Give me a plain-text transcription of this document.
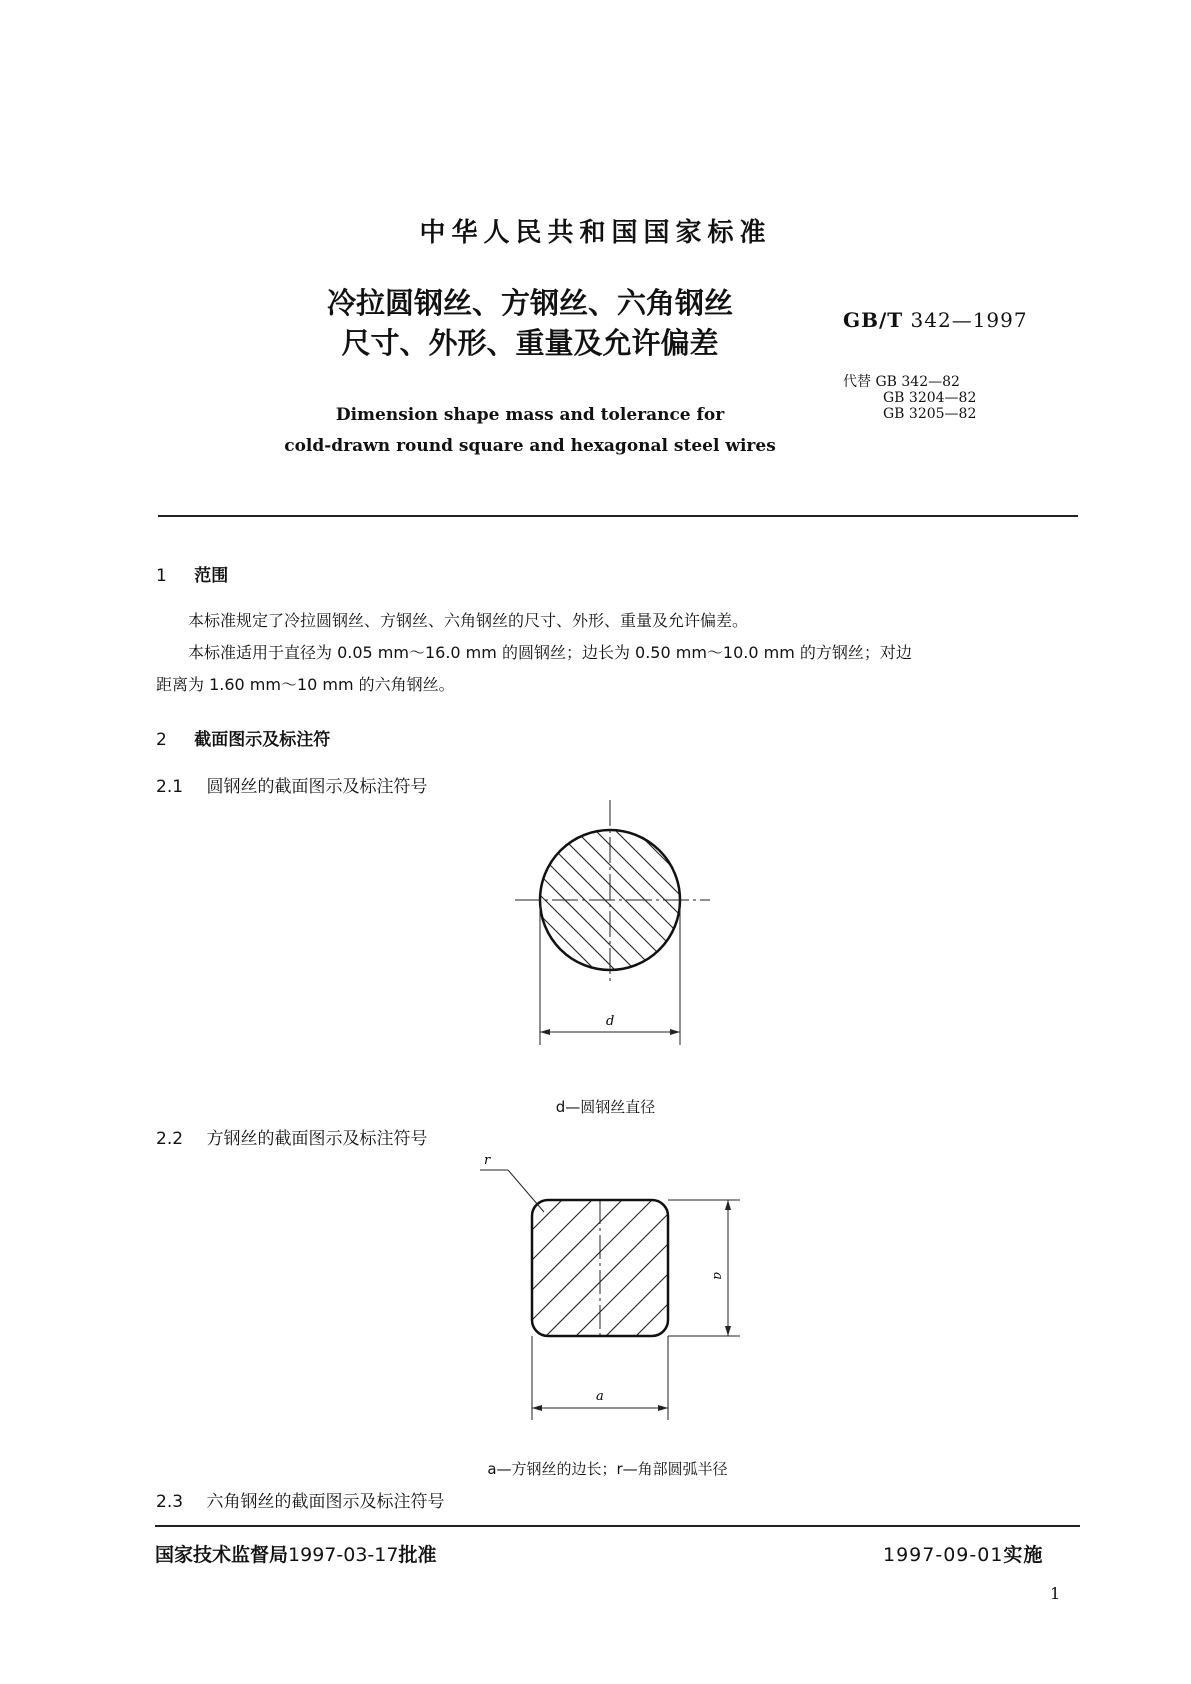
中华人民共和国国家标准
冷拉圆钢丝、方钢丝、六角钢丝
尺寸、外形、重量及允许偏差
Dimension shape mass and tolerance for
cold-drawn round square and hexagonal steel wires
GB/T 342—1997
代替 GB 342—82
GB 3204—82
GB 3205—82
1 范围
本标准规定了冷拉圆钢丝、方钢丝、六角钢丝的尺寸、外形、重量及允许偏差。
本标准适用于直径为 0.05 mm～16.0 mm 的圆钢丝；边长为 0.50 mm～10.0 mm 的方钢丝；对边
距离为 1.60 mm～10 mm 的六角钢丝。
2 截面图示及标注符
2.1 圆钢丝的截面图示及标注符号
d
d—圆钢丝直径
2.2 方钢丝的截面图示及标注符号
r
a
a
a—方钢丝的边长；r—角部圆弧半径
2.3 六角钢丝的截面图示及标注符号
国家技术监督局1997-03-17批准	1997-09-01实施
1
